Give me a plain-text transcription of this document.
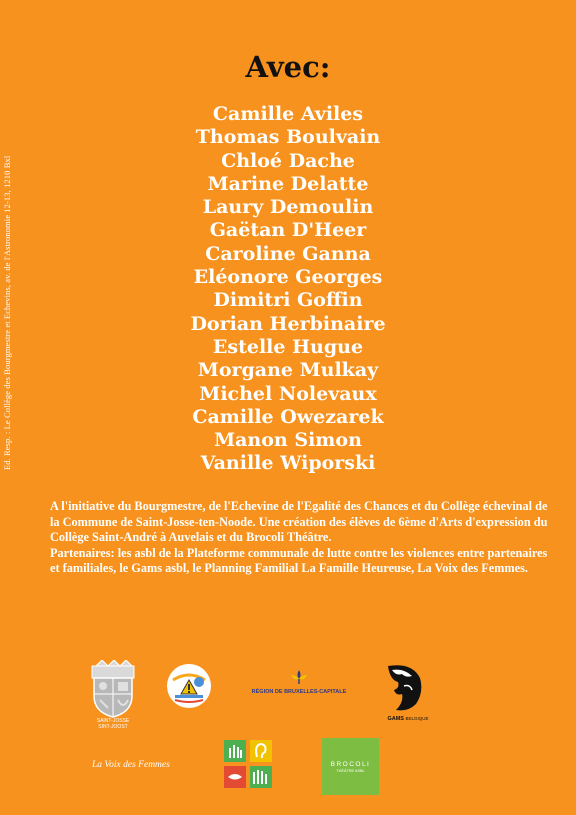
Ed. Resp. : Le Collège des Bourgmestre et Echevins, av. de l'Astronomie 12-13, 1210 Bxl
Avec:
Camille Aviles
Thomas Boulvain
Chloé Dache
Marine Delatte
Laury Demoulin
Gaëtan D'Heer
Caroline Ganna
Eléonore Georges
Dimitri Goffin
Dorian Herbinaire
Estelle Hugue
Morgane Mulkay
Michel Nolevaux
Camille Owezarek
Manon Simon
Vanille Wiporski

A l'initiative du Bourgmestre, de l'Echevine de l'Egalité des Chances et du Collège échevinal de la Commune de Saint-Josse-ten-Noode. Une création des élèves de 6ème d'Arts d'expression du Collège Saint-André à Auvelais et du Brocoli Théâtre.

Partenaires: les asbl de la Plateforme communale de lutte contre les violences entre partenaires et familiales, le Gams asbl, le Planning Familial La Famille Heureuse, La Voix des Femmes.

SAINT-JOSSE
SINT-JOOST
RÉGION DE BRUXELLES-CAPITALE
GAMS BELGIQUE
La Voix des Femmes	BROCOLI
THÉÂTRE ASBL
